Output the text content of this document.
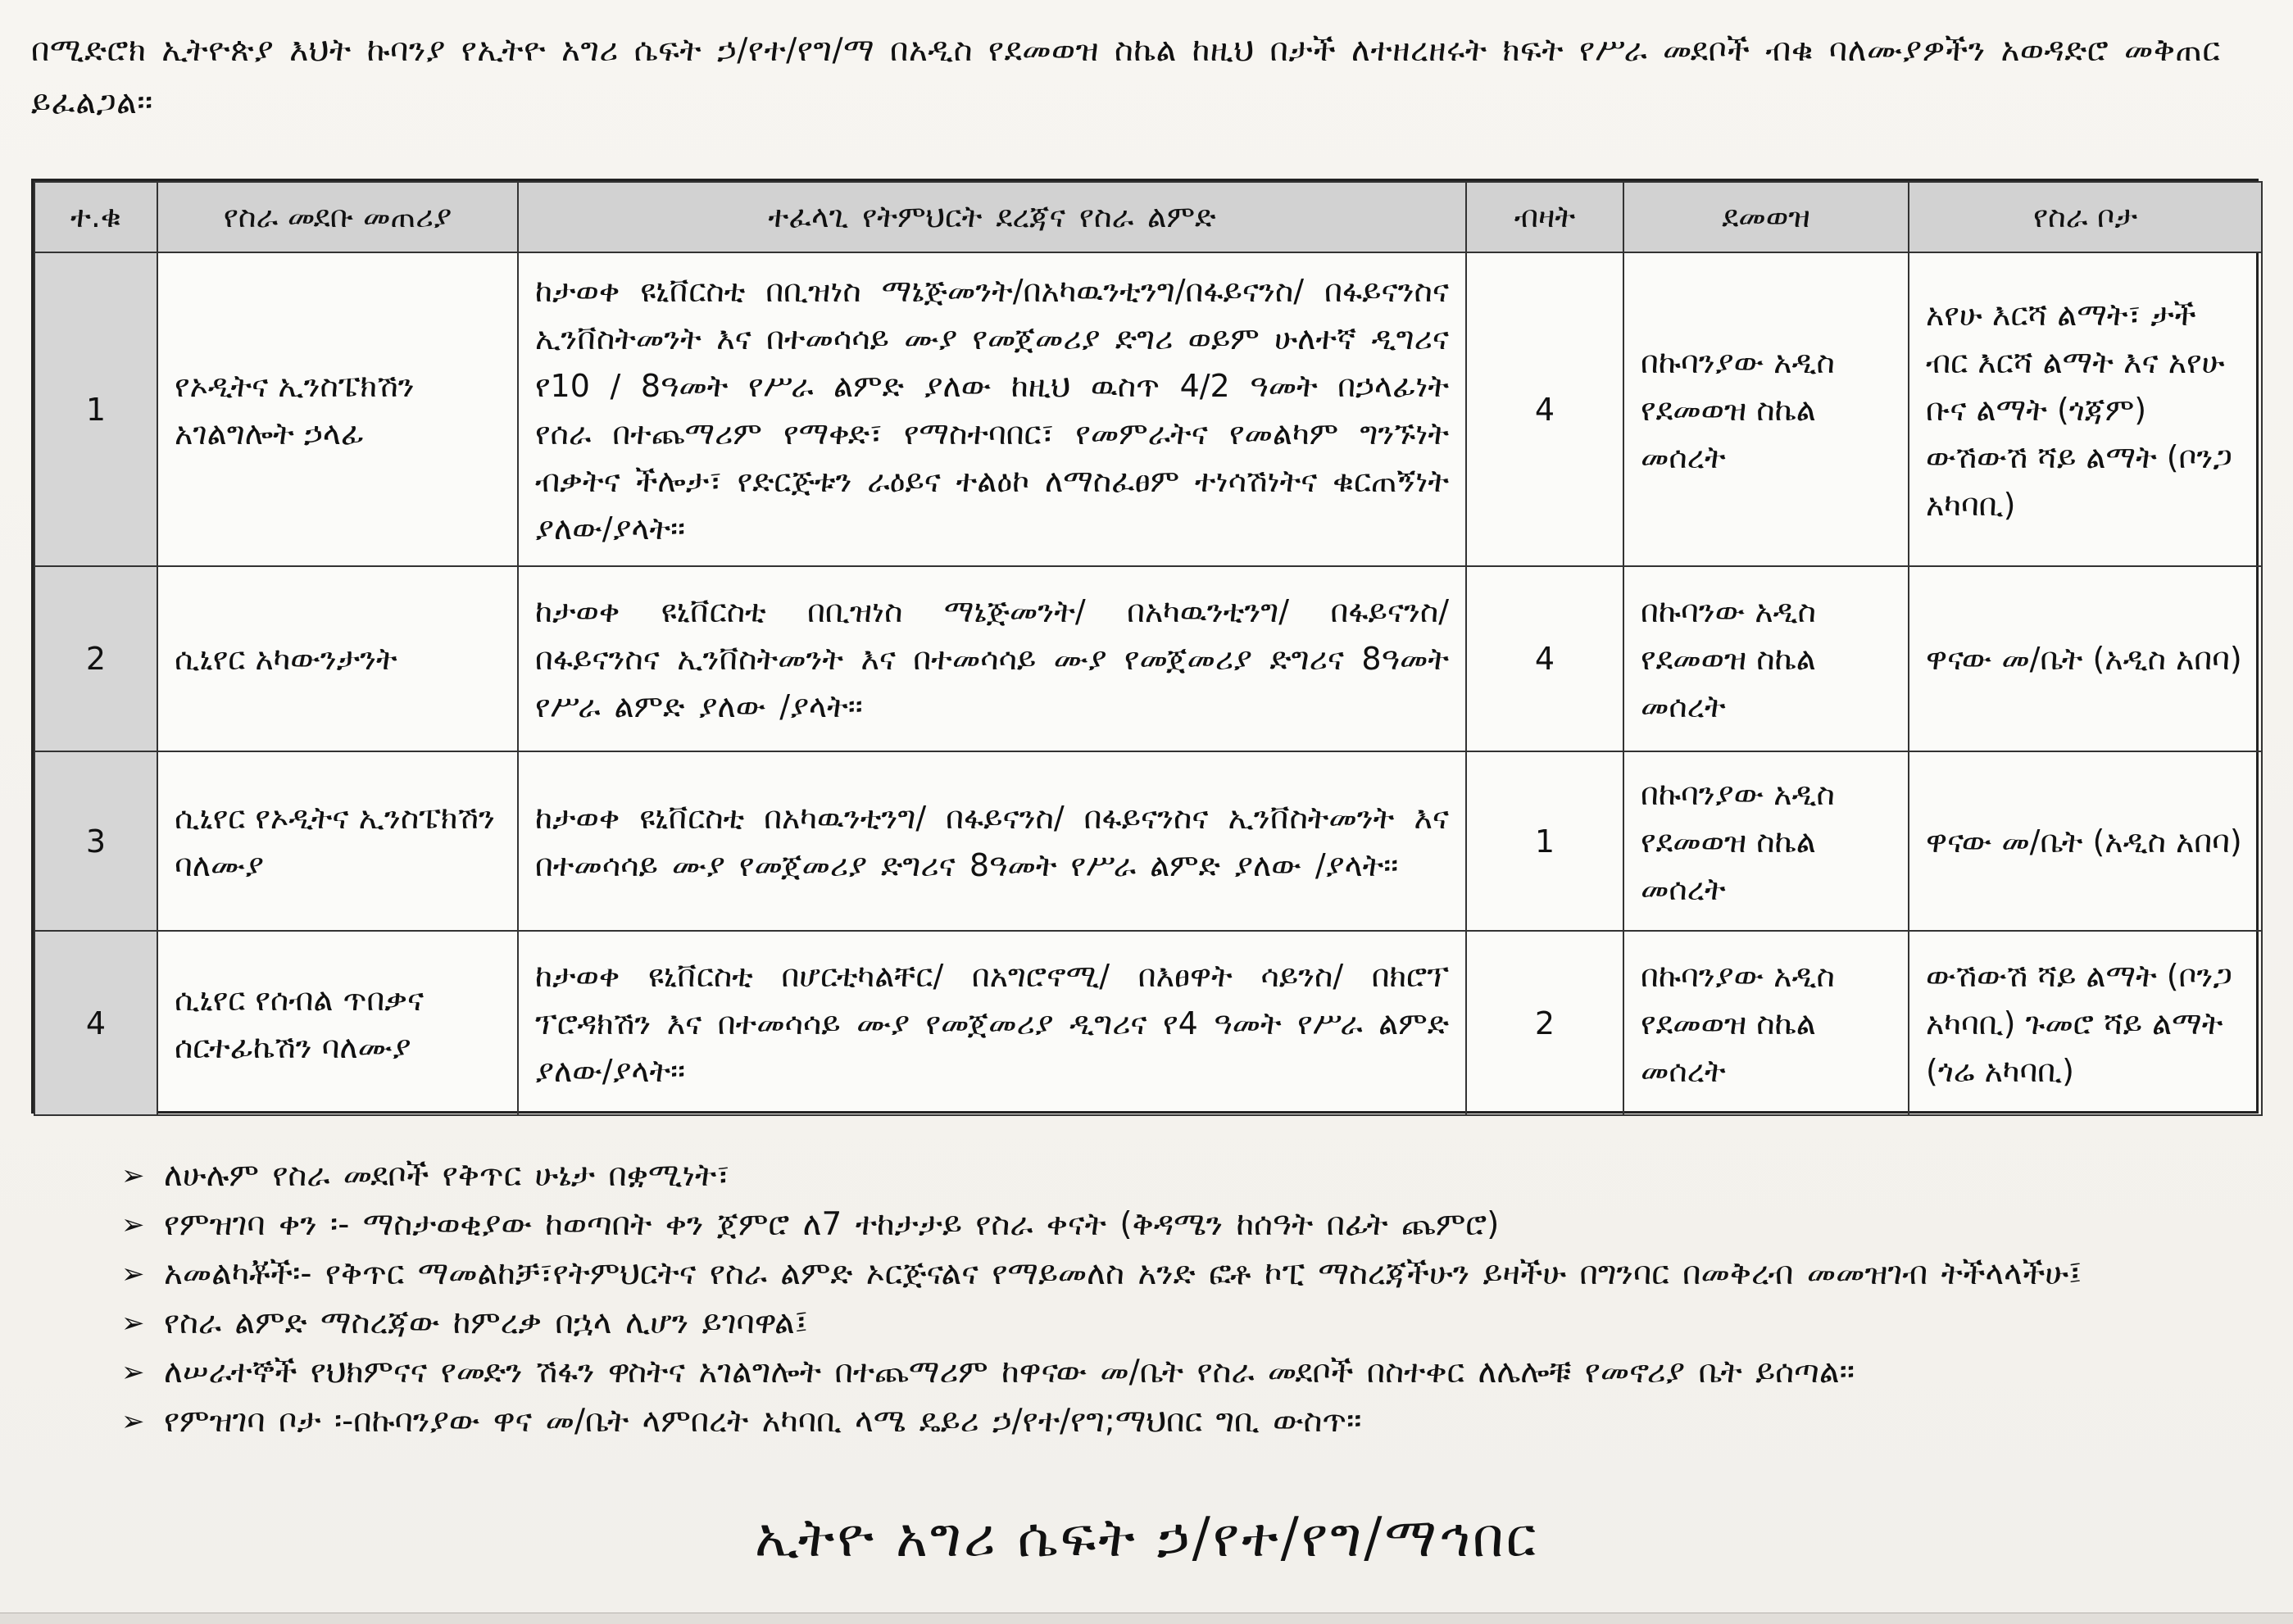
በሚድሮክ ኢትዮጵያ እህት ኩባንያ የኢትዮ አግሪ ሴፍት ኃ/የተ/የግ/ማ በአዲስ የደመወዝ ስኬል ከዚህ በታች ለተዘረዘሩት ክፍት የሥራ መደቦች ብቁ ባለሙያዎችን አወዳድሮ መቅጠር ይፈልጋል፡፡
ተ.ቁ	የስራ መደቡ መጠሪያ	ተፈላጊ የትምህርት ደረጃና የስራ ልምድ	ብዛት	ደመወዝ	የስራ ቦታ
1	የኦዲትና ኢንስፔክሽን አገልግሎት ኃላፊ	ከታወቀ ዩኒቨርስቲ በቢዝነስ ማኔጅመንት/በአካዉንቲንግ/በፋይናንስ/ በፋይናንስና ኢንቨስትመንት እና በተመሳሳይ ሙያ የመጀመሪያ ድግሪ ወይም ሁለተኛ ዲግሪና የ10 / 8ዓመት የሥራ ልምድ ያለው ከዚህ ዉስጥ 4/2 ዓመት በኃላፊነት የሰራ በተጨማሪም የማቀድ፣ የማስተባበር፣ የመምራትና የመልካም ግንኙነት ብቃትና ችሎታ፣ የድርጅቱን ራዕይና ተልዕኮ ለማስፈፀም ተነሳሽነትና ቁርጠኝነት ያለው/ያላት፡፡	4	በኩባንያው አዲስ የደመወዝ ስኬል መሰረት	አየሁ እርሻ ልማት፣ ታች ብር እርሻ ልማት እና አየሁ ቡና ልማት (ጎጃም) ውሽውሽ ሻይ ልማት (ቦንጋ አካባቢ)
2	ሲኒየር አካውንታንት	ከታወቀ ዩኒቨርስቲ በቢዝነስ ማኔጅመንት/ በአካዉንቲንግ/ በፋይናንስ/ በፋይናንስና ኢንቨስትመንት እና በተመሳሳይ ሙያ የመጀመሪያ ድግሪና 8ዓመት የሥራ ልምድ ያለው /ያላት፡፡	4	በኩባንው አዲስ የደመወዝ ስኬል መሰረት	ዋናው መ/ቤት (አዲስ አበባ)
3	ሲኒየር የኦዲትና ኢንስፔክሽን ባለሙያ	ከታወቀ ዩኒቨርስቲ በአካዉንቲንግ/ በፋይናንስ/ በፋይናንስና ኢንቨስትመንት እና በተመሳሳይ ሙያ የመጀመሪያ ድግሪና 8ዓመት የሥራ ልምድ ያለው /ያላት፡፡	1	በኩባንያው አዲስ የደመወዝ ስኬል መሰረት	ዋናው መ/ቤት (አዲስ አበባ)
4	ሲኒየር የሰብል ጥበቃና ሰርተፊኬሽን ባለሙያ	ከታወቀ ዩኒቨርስቲ በሆርቲካልቸር/ በአግሮኖሚ/ በእፀዋት ሳይንስ/ በክሮፕ ፕሮዳክሽን እና በተመሳሳይ ሙያ የመጀመሪያ ዲግሪና የ4 ዓመት የሥራ ልምድ ያለው/ያላት፡፡	2	በኩባንያው አዲስ የደመወዝ ስኬል መሰረት	ውሽውሽ ሻይ ልማት (ቦንጋ አካባቢ) ጉመሮ ሻይ ልማት (ጎሬ አካባቢ)
➢ ለሁሉም የስራ መደቦች የቅጥር ሁኔታ በቋሚነት፣
➢ የምዝገባ ቀን ፡- ማስታወቂያው ከወጣበት ቀን ጀምሮ ለ7 ተከታታይ የስራ ቀናት (ቅዳሜን ከሰዓት በፊት ጨምሮ)
➢ አመልካቾች፡- የቅጥር ማመልከቻ፣የትምህርትና የስራ ልምድ ኦርጅናልና የማይመለስ አንድ ፎቶ ኮፒ ማስረጃችሁን ይዛችሁ በግንባር በመቅረብ መመዝገብ ትችላላችሁ፤
➢ የስራ ልምድ ማስረጃው ከምረቃ በኋላ ሊሆን ይገባዋል፤
➢ ለሠራተኞች የህክምናና የመድን ሽፋን ዋስትና አገልግሎት በተጨማሪም ከዋናው መ/ቤት የስራ መደቦች በስተቀር ለሌሎቹ የመኖሪያ ቤት ይሰጣል፡፡
➢ የምዝገባ ቦታ ፡-በኩባንያው ዋና መ/ቤት ላምበረት አካባቢ ላሜ ዴይሪ ኃ/የተ/የግ;ማህበር ግቢ ውስጥ፡፡
ኢትዮ አግሪ ሴፍት ኃ/የተ/የግ/ማኅበር
